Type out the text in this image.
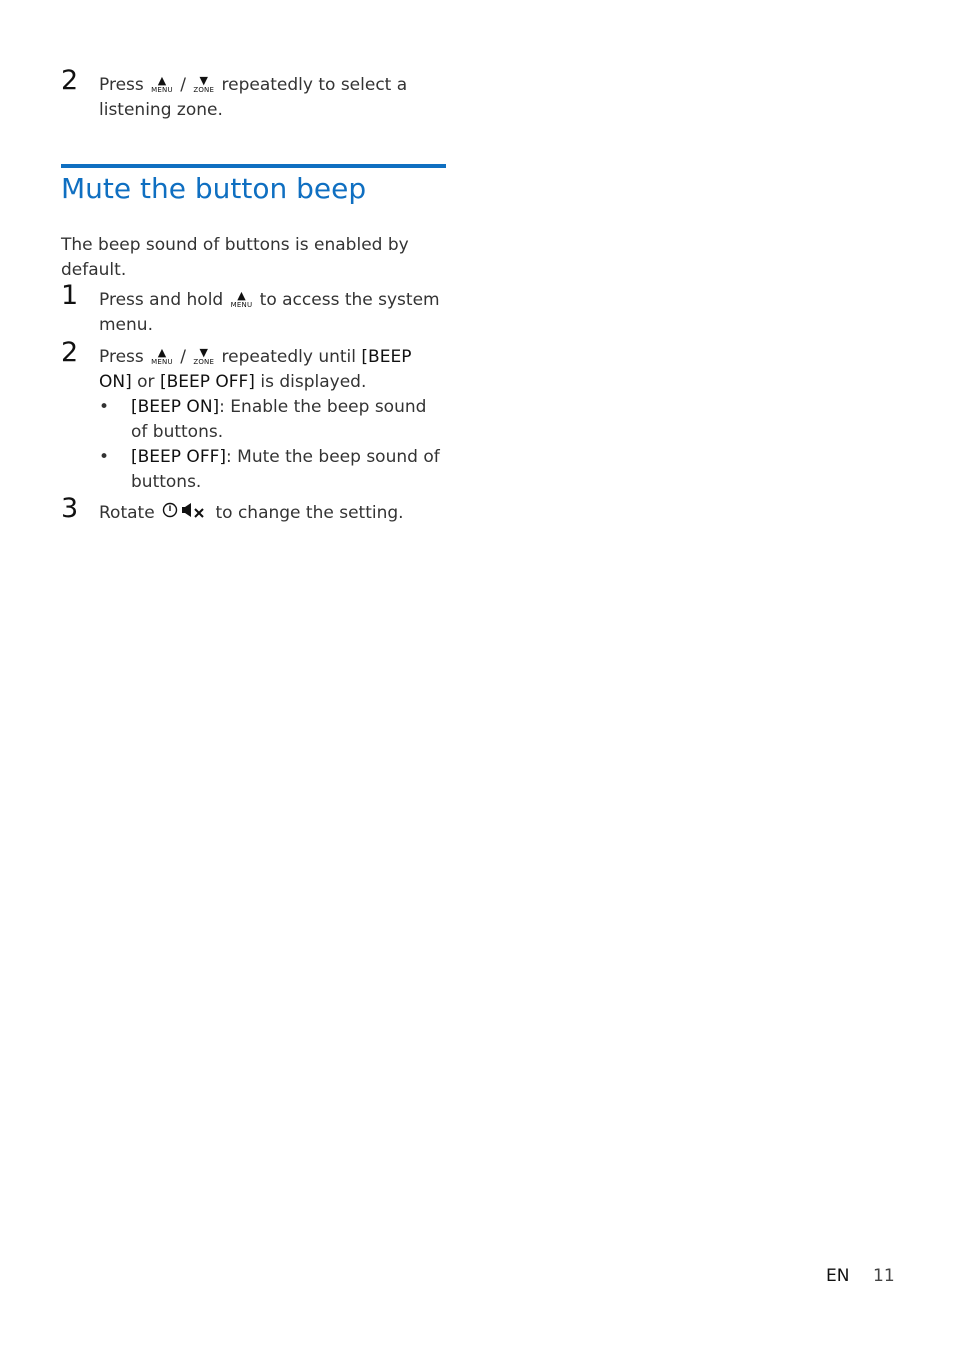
2 Press	▲
MENU /	▼
ZONE repeatedly to select a listening zone.
Mute the button beep
The beep sound of buttons is enabled by default.
1 Press and hold	▲
MENU to access the system menu.
2 Press	▲
MENU /	▼
ZONE repeatedly until [BEEP ON] or [BEEP OFF] is displayed.
• [BEEP ON]: Enable the beep sound of buttons.
• [BEEP OFF]: Mute the beep sound of buttons.
3 Rotate	to change the setting.
EN 11
